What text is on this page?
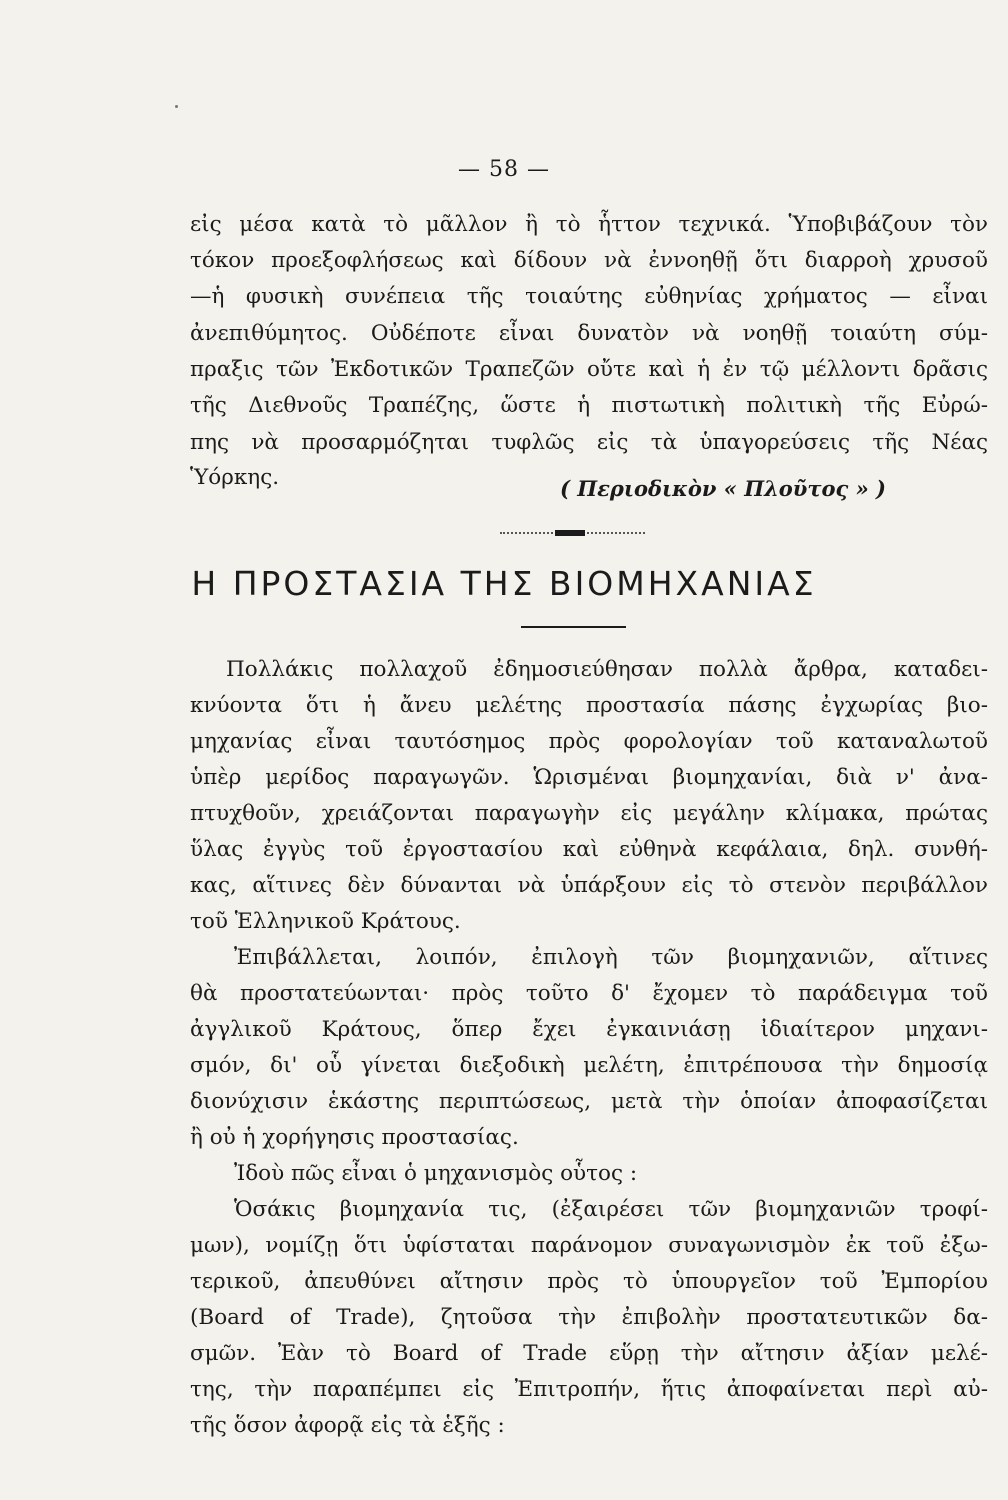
— 58 —
εἰς μέσα κατὰ τὸ μᾶλλον ἢ τὸ ἧττον τεχνικά. Ὑποβιβάζουν τὸν
τόκον προεξοφλήσεως καὶ δίδουν νὰ ἐννοηθῇ ὅτι διαρροὴ χρυσοῦ
—ἡ φυσικὴ συνέπεια τῆς τοιαύτης εὐθηνίας χρήματος — εἶναι
ἀνεπιθύμητος. Οὐδέποτε εἶναι δυνατὸν νὰ νοηθῇ τοιαύτη σύμ-
πραξις τῶν Ἐκδοτικῶν Τραπεζῶν οὔτε καὶ ἡ ἐν τῷ μέλλοντι δρᾶσις
τῆς Διεθνοῦς Τραπέζης, ὥστε ἡ πιστωτικὴ πολιτικὴ τῆς Εὐρώ-
πης νὰ προσαρμόζηται τυφλῶς εἰς τὰ ὑπαγορεύσεις τῆς Νέας
Ὑόρκης.	( Περιοδικὸν « Πλοῦτος » )
Η ΠΡΟΣΤΑΣΙΑ ΤΗΣ ΒΙΟΜΗΧΑΝΙΑΣ
Πολλάκις πολλαχοῦ ἐδημοσιεύθησαν πολλὰ ἄρθρα, καταδει-
κνύοντα ὅτι ἡ ἄνευ μελέτης προστασία πάσης ἐγχωρίας βιο-
μηχανίας εἶναι ταυτόσημος πρὸς φορολογίαν τοῦ καταναλωτοῦ
ὑπὲρ μερίδος παραγωγῶν. Ὡρισμέναι βιομηχανίαι, διὰ ν' ἀνα-
πτυχθοῦν, χρειάζονται παραγωγὴν εἰς μεγάλην κλίμακα, πρώτας
ὕλας ἐγγὺς τοῦ ἐργοστασίου καὶ εὐθηνὰ κεφάλαια, δηλ. συνθή-
κας, αἵτινες δὲν δύνανται νὰ ὑπάρξουν εἰς τὸ στενὸν περιβάλλον
τοῦ Ἑλληνικοῦ Κράτους.
Ἐπιβάλλεται, λοιπόν, ἐπιλογὴ τῶν βιομηχανιῶν, αἵτινες
θὰ προστατεύωνται· πρὸς τοῦτο δ' ἔχομεν τὸ παράδειγμα τοῦ
ἀγγλικοῦ Κράτους, ὅπερ ἔχει ἐγκαινιάσῃ ἰδιαίτερον μηχανι-
σμόν, δι' οὗ γίνεται διεξοδικὴ μελέτη, ἐπιτρέπουσα τὴν δημοσίᾳ
διονύχισιν ἑκάστης περιπτώσεως, μετὰ τὴν ὁποίαν ἀποφασίζεται
ἢ οὐ ἡ χορήγησις προστασίας.
Ἰδοὺ πῶς εἶναι ὁ μηχανισμὸς οὗτος :
Ὁσάκις βιομηχανία τις, (ἐξαιρέσει τῶν βιομηχανιῶν τροφί-
μων), νομίζῃ ὅτι ὑφίσταται παράνομον συναγωνισμὸν ἐκ τοῦ ἐξω-
τερικοῦ, ἀπευθύνει αἴτησιν πρὸς τὸ ὑπουργεῖον τοῦ Ἐμπορίου
(Board of Trade), ζητοῦσα τὴν ἐπιβολὴν προστατευτικῶν δα-
σμῶν. Ἐὰν τὸ Board of Trade εὕρῃ τὴν αἴτησιν ἀξίαν μελέ-
της, τὴν παραπέμπει εἰς Ἐπιτροπήν, ἥτις ἀποφαίνεται περὶ αὐ-
τῆς ὅσον ἀφορᾷ εἰς τὰ ἑξῆς :
